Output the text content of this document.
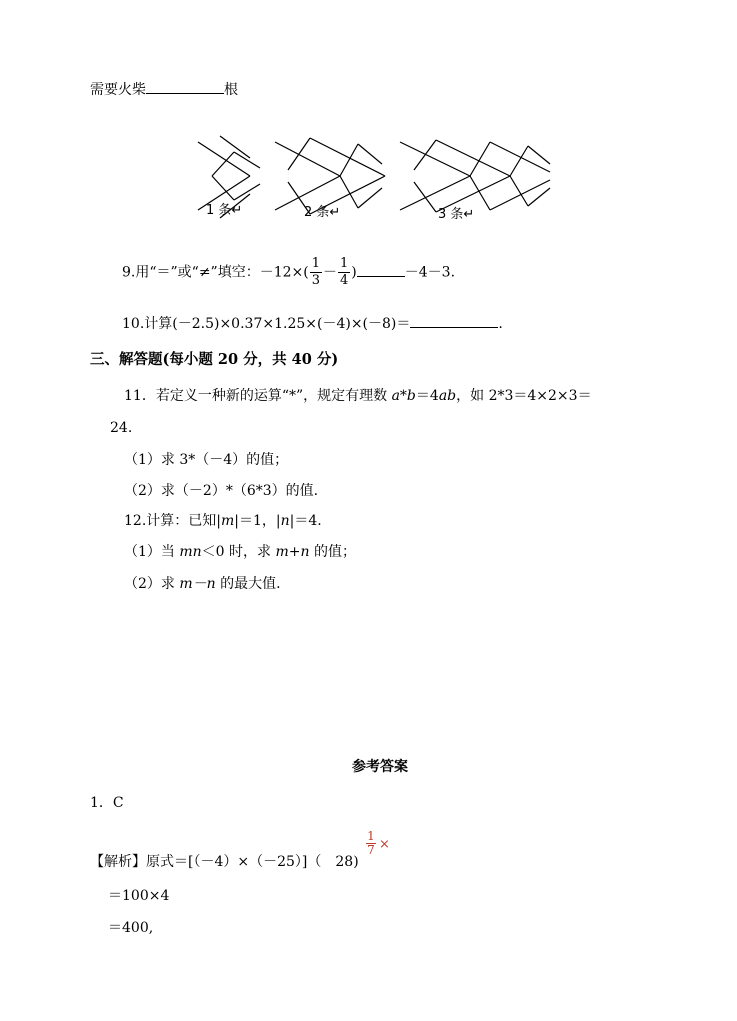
需要火柴	根
1 条↵	2 条↵	3 条↵
9.用“＝”或“≠”填空：$-12\times( \frac{1}{3} - \frac{1}{4}$ )	－4－3.
10.计算(－2.5)×0.37×1.25×(－4)×(－8)＝	.
三、解答题(每小题 20 分，共 40 分)
11．若定义一种新的运算“*”，规定有理数 a*b＝4ab，如 2*3＝4×2×3＝
24.
（1）求 3*（－4）的值；
（2）求（－2）*（6*3）的值.
12.计算：已知|m|＝1，|n|＝4.
（1）当 mn＜0 时，求 m+n 的值；
（2）求 m－n 的最大值.
参考答案
1．C
$\frac{1}{7}$ ×
【解析】原式＝[（－4）×（－25）]（ 28)
＝100×4
＝400,
